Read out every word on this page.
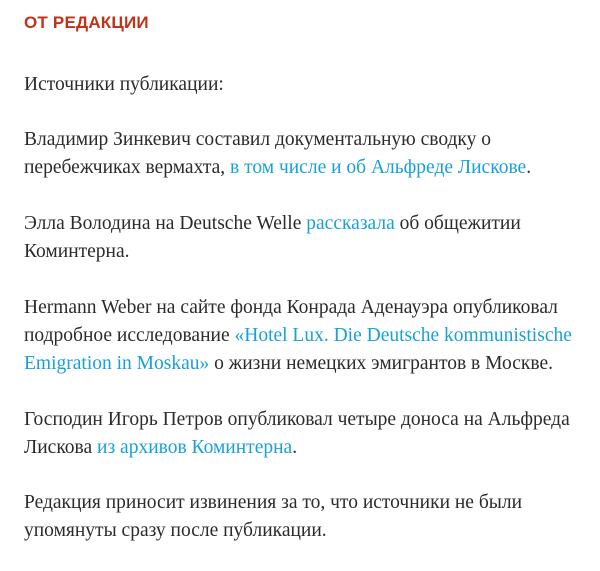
ОТ РЕДАКЦИИ

Источники публикации:

Владимир Зинкевич составил документальную сводку о перебежчиках вермахта, в том числе и об Альфреде Лискове.

Элла Володина на Deutsche Welle рассказала об общежитии Коминтерна.

Hermann Weber на сайте фонда Конрада Аденауэра опубликовал подробное исследование «Hotel Lux. Die Deutsche kommunistische Emigration in Moskau» о жизни немецких эмигрантов в Москве.

Господин Игорь Петров опубликовал четыре доноса на Альфреда Лискова из архивов Коминтерна.

Редакция приносит извинения за то, что источники не были упомянуты сразу после публикации.
